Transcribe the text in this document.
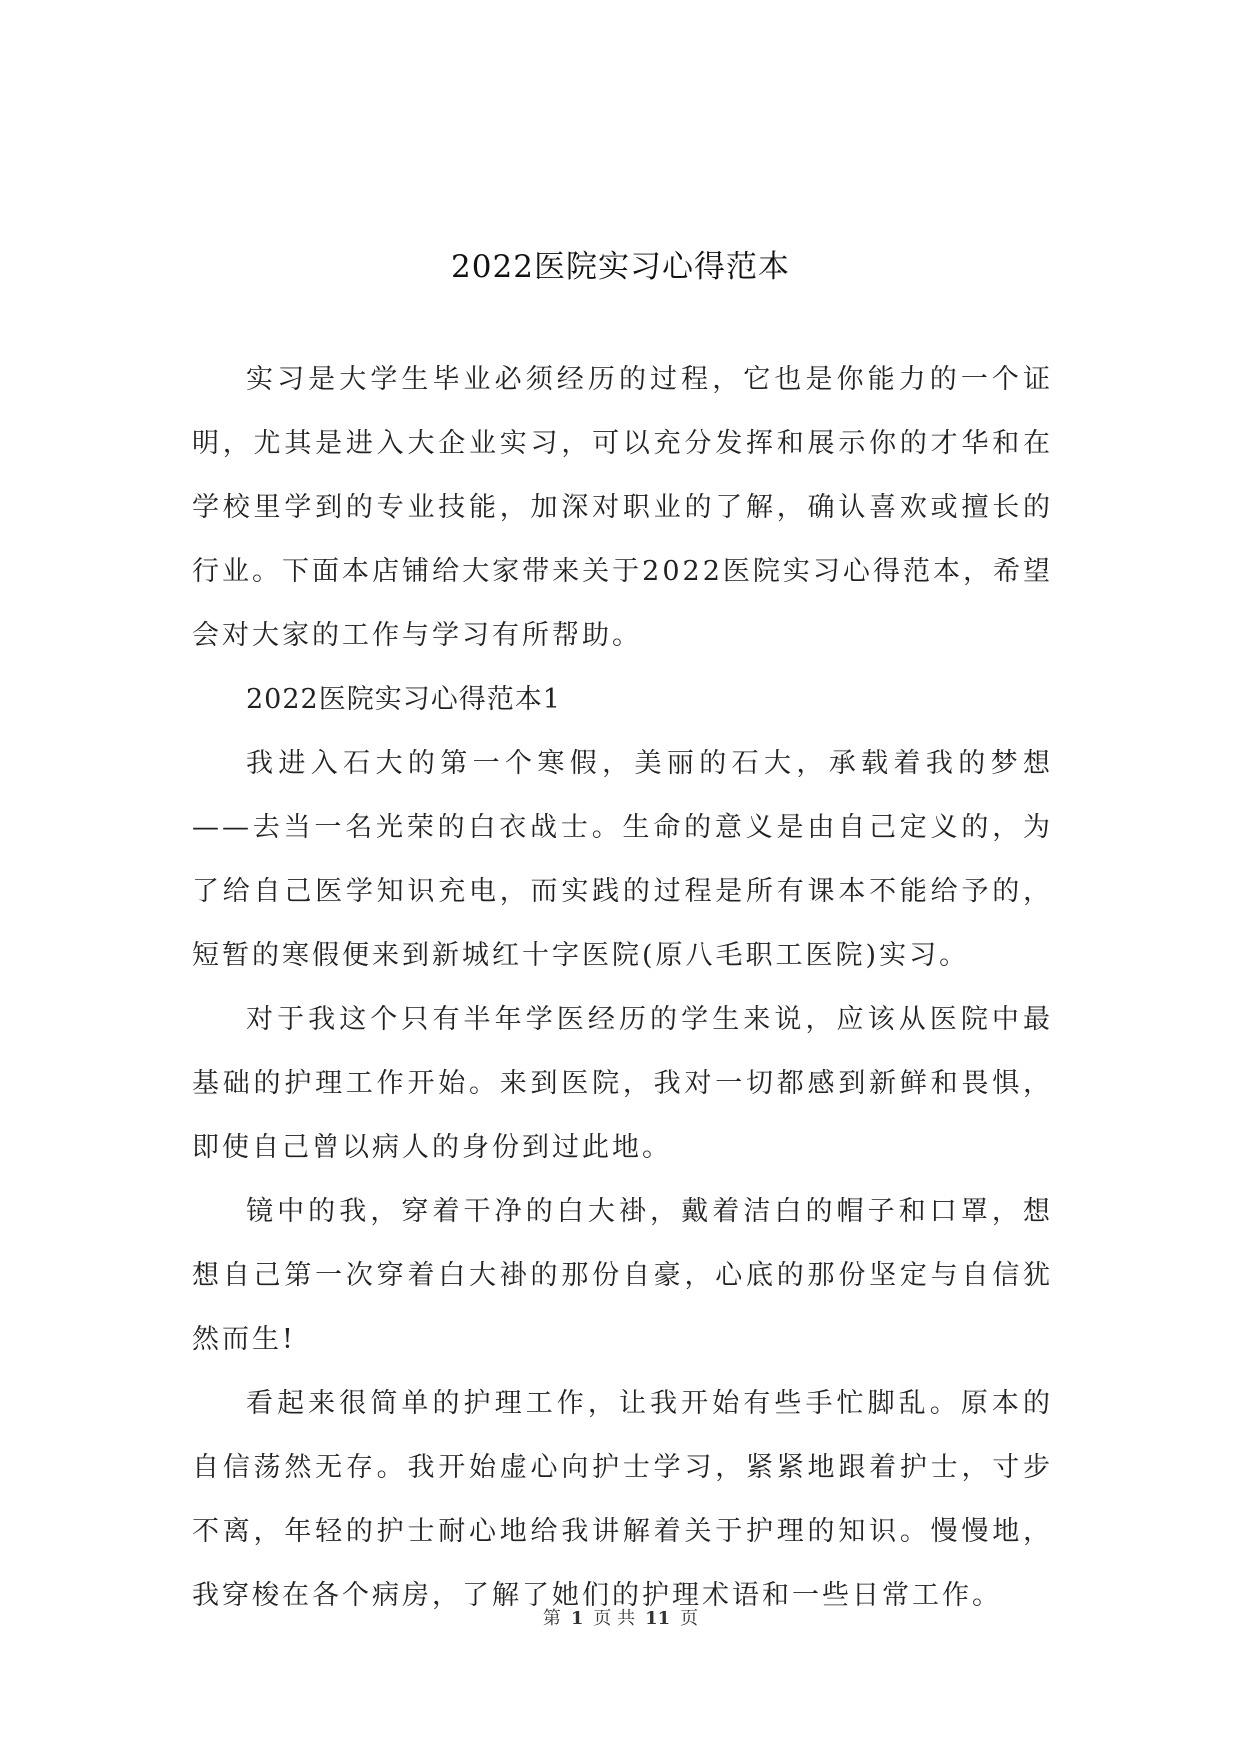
2022医院实习心得范本

实习是大学生毕业必须经历的过程，它也是你能力的一个证明，尤其是进入大企业实习，可以充分发挥和展示你的才华和在学校里学到的专业技能，加深对职业的了解，确认喜欢或擅长的行业。下面本店铺给大家带来关于2022医院实习心得范本，希望会对大家的工作与学习有所帮助。

2022医院实习心得范本1

我进入石大的第一个寒假，美丽的石大，承载着我的梦想——去当一名光荣的白衣战士。生命的意义是由自己定义的，为了给自己医学知识充电，而实践的过程是所有课本不能给予的，短暂的寒假便来到新城红十字医院(原八毛职工医院)实习。

对于我这个只有半年学医经历的学生来说，应该从医院中最基础的护理工作开始。来到医院，我对一切都感到新鲜和畏惧，即使自己曾以病人的身份到过此地。

镜中的我，穿着干净的白大褂，戴着洁白的帽子和口罩，想想自己第一次穿着白大褂的那份自豪，心底的那份坚定与自信犹然而生!

看起来很简单的护理工作，让我开始有些手忙脚乱。原本的自信荡然无存。我开始虚心向护士学习，紧紧地跟着护士，寸步不离，年轻的护士耐心地给我讲解着关于护理的知识。慢慢地，我穿梭在各个病房，了解了她们的护理术语和一些日常工作。

第 1 页 共 11 页
